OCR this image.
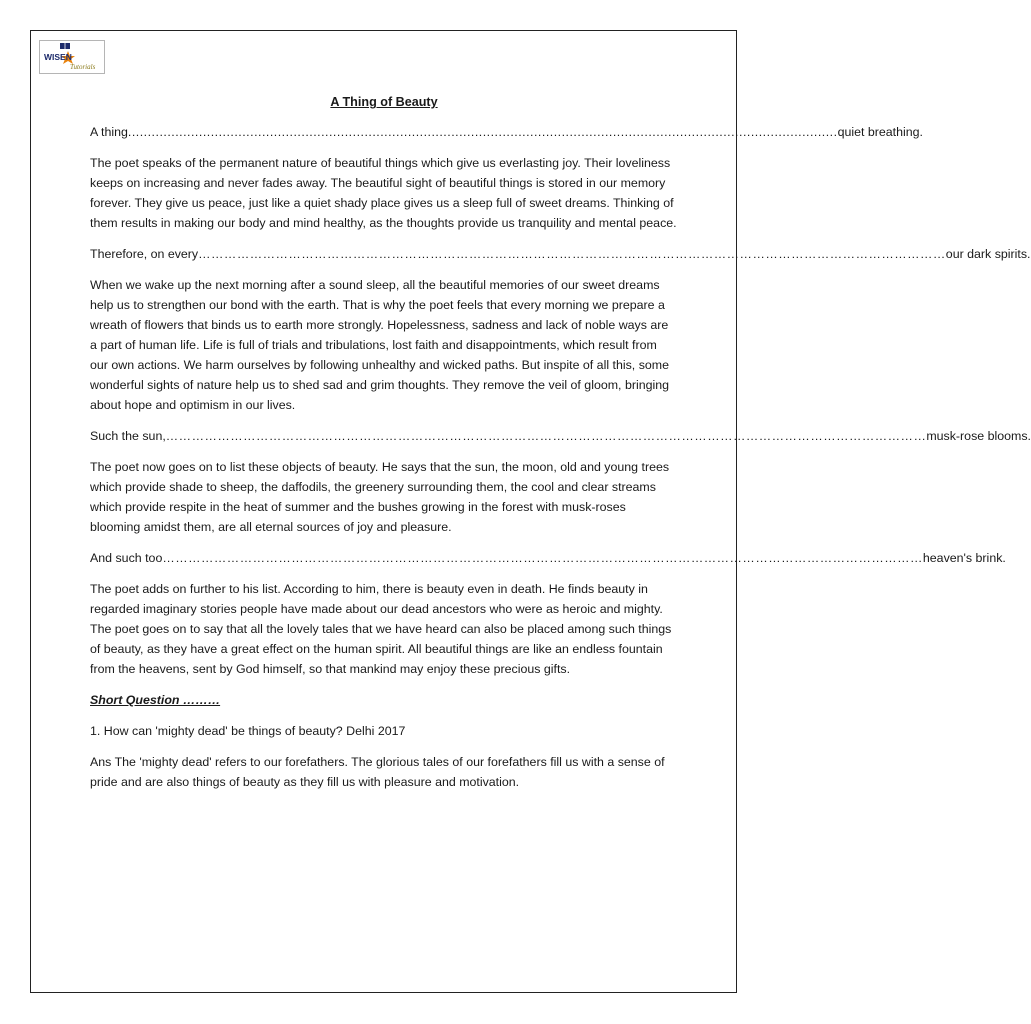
WISEN
Tutorials
A Thing of Beauty
A thing .................................................................................................................................................................................... quiet breathing.

The poet speaks of the permanent nature of beautiful things which give us everlasting joy. Their loveliness keeps on increasing and never fades away. The beautiful sight of beautiful things is stored in our memory forever. They give us peace, just like a quiet shady place gives us a sleep full of sweet dreams. Thinking of them results in making our body and mind healthy, as the thoughts provide us tranquility and mental peace.

Therefore, on every ………………………………………………………………………………………………………………………………………………………… our dark spirits.

When we wake up the next morning after a sound sleep, all the beautiful memories of our sweet dreams help us to strengthen our bond with the earth. That is why the poet feels that every morning we prepare a wreath of flowers that binds us to earth more strongly. Hopelessness, sadness and lack of noble ways are a part of human life. Life is full of trials and tribulations, lost faith and disappointments, which result from our own actions. We harm ourselves by following unhealthy and wicked paths. But inspite of all this, some wonderful sights of nature help us to shed sad and grim thoughts. They remove the veil of gloom, bringing about hope and optimism in our lives.

Such the sun, …………………………………………………………………………………………………………………………………………………………… musk-rose blooms.

The poet now goes on to list these objects of beauty. He says that the sun, the moon, old and young trees which provide shade to sheep, the daffodils, the greenery surrounding them, the cool and clear streams which provide respite in the heat of summer and the bushes growing in the forest with musk-roses blooming amidst them, are all eternal sources of joy and pleasure.

And such too …………………………………………………………………………………………………………………………………………………………… heaven's brink.

The poet adds on further to his list. According to him, there is beauty even in death. He finds beauty in regarded imaginary stories people have made about our dead ancestors who were as heroic and mighty. The poet goes on to say that all the lovely tales that we have heard can also be placed among such things of beauty, as they have a great effect on the human spirit. All beautiful things are like an endless fountain from the heavens, sent by God himself, so that mankind may enjoy these precious gifts.

Short Question ………

1. How can 'mighty dead' be things of beauty? Delhi 2017

Ans The 'mighty dead' refers to our forefathers. The glorious tales of our forefathers fill us with a sense of pride and are also things of beauty as they fill us with pleasure and motivation.
